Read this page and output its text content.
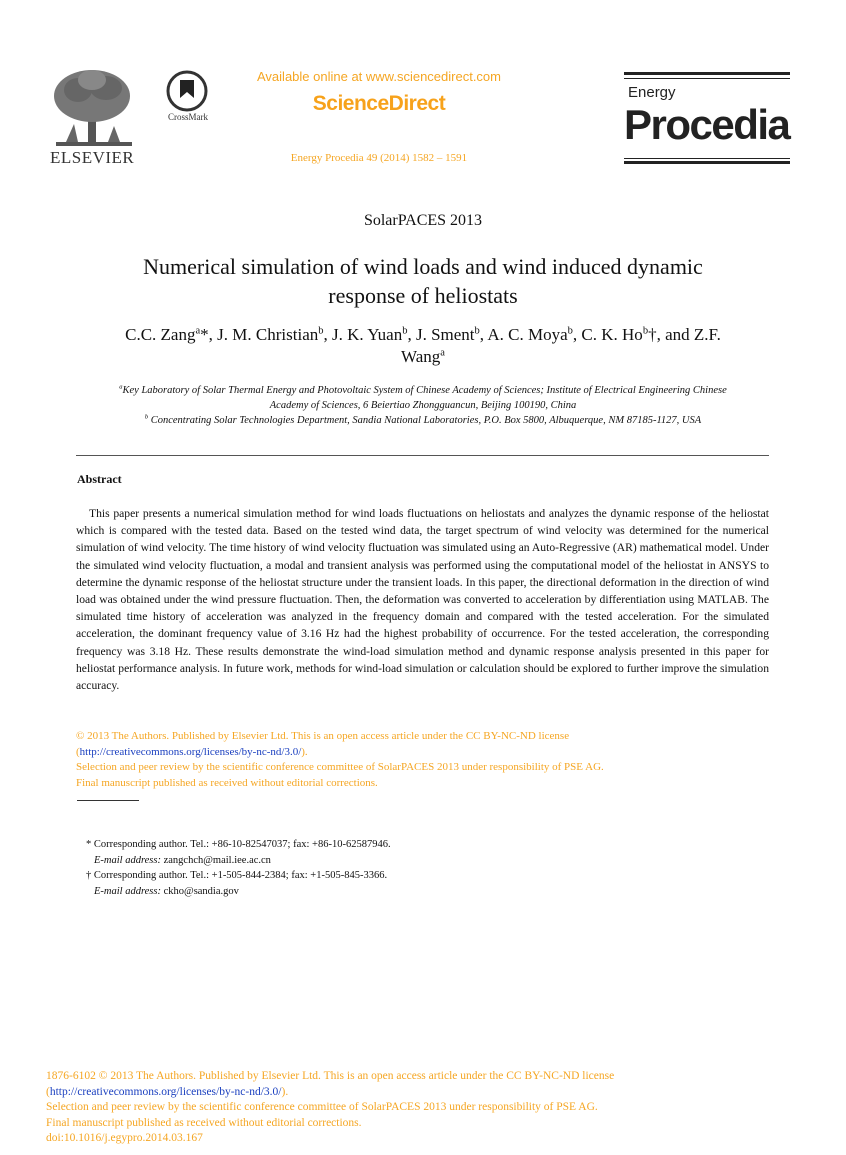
ELSEVIER
CrossMark
Available online at www.sciencedirect.com
ScienceDirect
Energy Procedia 49 (2014) 1582 – 1591
Energy
Procedia
SolarPACES 2013
Numerical simulation of wind loads and wind induced dynamic
response of heliostats
C.C. Zang$^a$*, J. M. Christian$^b$, J. K. Yuan$^b$, J. Sment$^b$, A. C. Moya$^b$, C. K. Ho$^b$†, and Z.F.
Wang$^a$
$^a$Key Laboratory of Solar Thermal Energy and Photovoltaic System of Chinese Academy of Sciences; Institute of Electrical Engineering Chinese
Academy of Sciences, 6 Beiertiao Zhongguancun, Beijing 100190, China
$^b$ Concentrating Solar Technologies Department, Sandia National Laboratories, P.O. Box 5800, Albuquerque, NM 87185-1127, USA
Abstract
This paper presents a numerical simulation method for wind loads fluctuations on heliostats and analyzes the dynamic response of the heliostat which is compared with the tested data. Based on the tested wind data, the target spectrum of wind velocity was determined for the numerical simulation of wind velocity. The time history of wind velocity fluctuation was simulated using an Auto-Regressive (AR) mathematical model. Under the simulated wind velocity fluctuation, a modal and transient analysis was performed using the computational model of the heliostat in ANSYS to determine the dynamic response of the heliostat structure under the transient loads. In this paper, the directional deformation in the direction of wind load was obtained under the wind pressure fluctuation. Then, the deformation was converted to acceleration by differentiation using MATLAB. The simulated time history of acceleration was analyzed in the frequency domain and compared with the tested acceleration. For the simulated acceleration, the dominant frequency value of 3.16 Hz had the highest probability of occurrence. For the tested acceleration, the corresponding frequency was 3.18 Hz. These results demonstrate the wind-load simulation method and dynamic response analysis presented in this paper for heliostat performance analysis. In future work, methods for wind-load simulation or calculation should be explored to further improve the simulation accuracy.
© 2013 The Authors. Published by Elsevier Ltd. This is an open access article under the CC BY-NC-ND license
(http://creativecommons.org/licenses/by-nc-nd/3.0/).
Selection and peer review by the scientific conference committee of SolarPACES 2013 under responsibility of PSE AG.
Final manuscript published as received without editorial corrections.
* Corresponding author. Tel.: +86-10-82547037; fax: +86-10-62587946.
E-mail address: zangchch@mail.iee.ac.cn
† Corresponding author. Tel.: +1-505-844-2384; fax: +1-505-845-3366.
E-mail address: ckho@sandia.gov
1876-6102 © 2013 The Authors. Published by Elsevier Ltd. This is an open access article under the CC BY-NC-ND license
(http://creativecommons.org/licenses/by-nc-nd/3.0/).
Selection and peer review by the scientific conference committee of SolarPACES 2013 under responsibility of PSE AG.
Final manuscript published as received without editorial corrections.
doi:10.1016/j.egypro.2014.03.167
